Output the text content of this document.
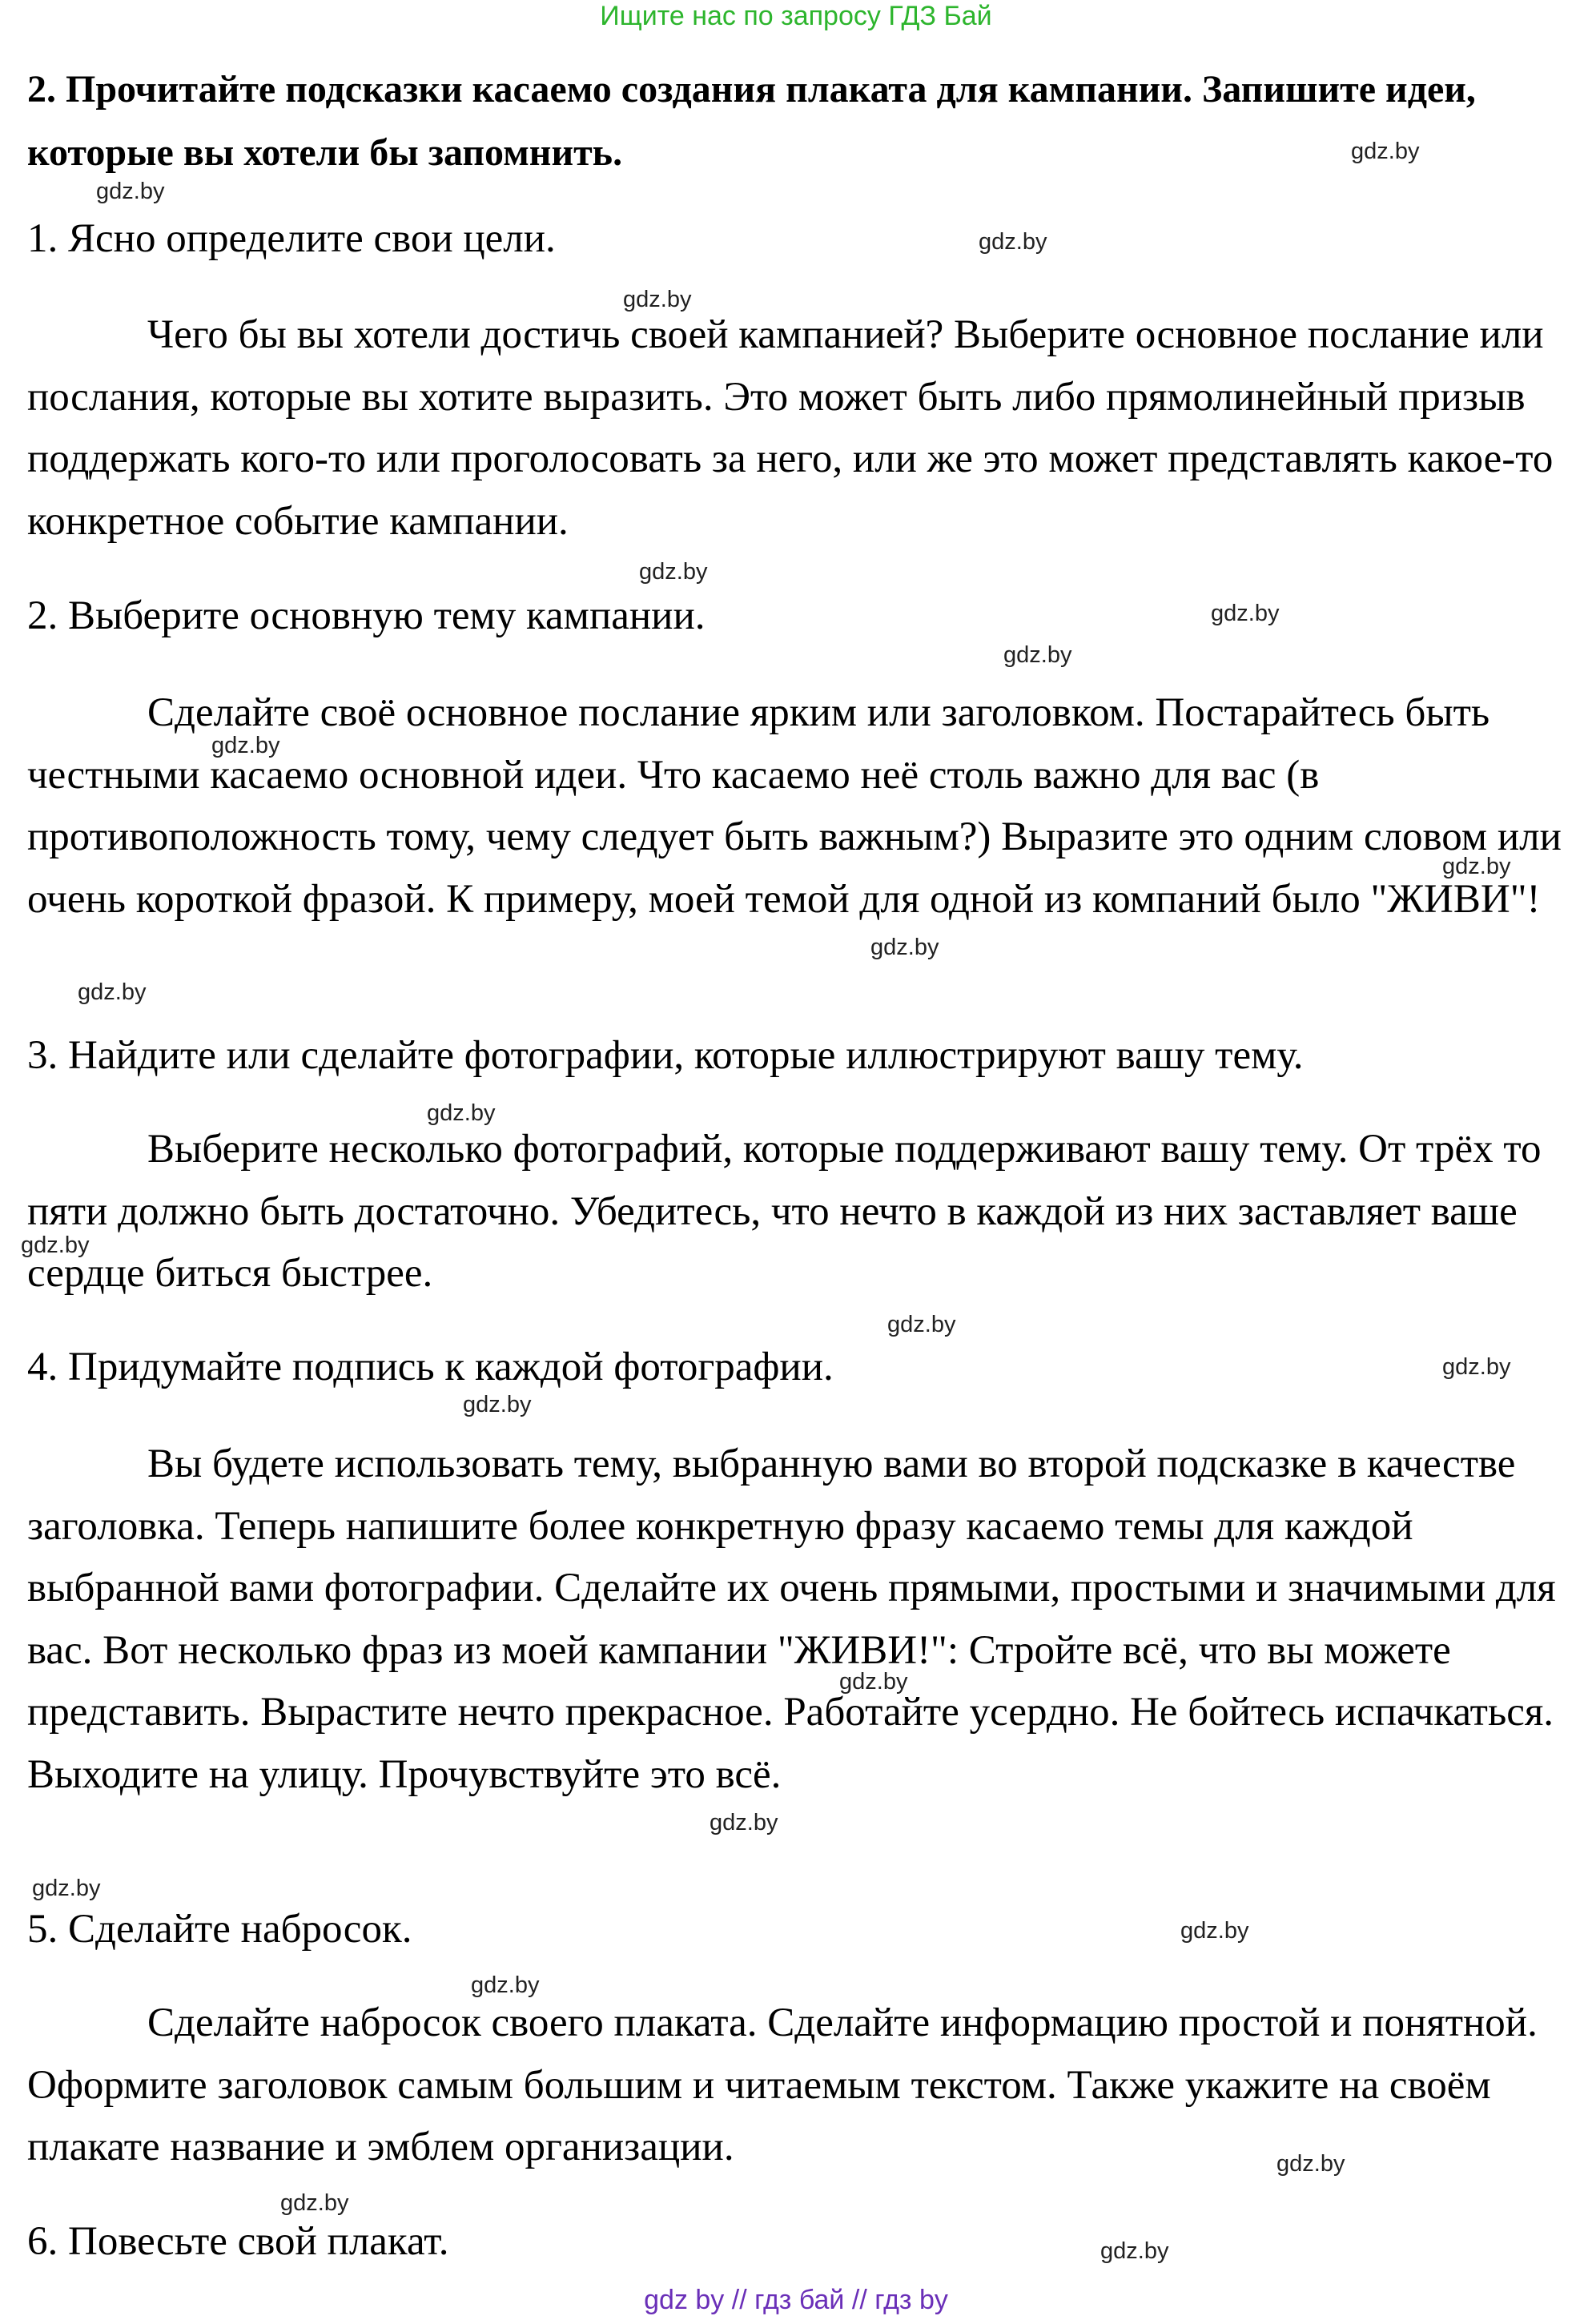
Ищите нас по запросу ГДЗ Бай
2. Прочитайте подсказки касаемо создания плаката для кампании. Запишите идеи, которые вы хотели бы запомнить.
1. Ясно определите свои цели.
Чего бы вы хотели достичь своей кампанией? Выберите основное послание или послания, которые вы хотите выразить. Это может быть либо прямолинейный призыв поддержать кого-то или проголосовать за него, или же это может представлять какое-то конкретное событие кампании.
2. Выберите основную тему кампании.
Сделайте своё основное послание ярким или заголовком. Постарайтесь быть честными касаемо основной идеи. Что касаемо неё столь важно для вас (в противоположность тому, чему следует быть важным?) Выразите это одним словом или очень короткой фразой. К примеру, моей темой для одной из компаний было "ЖИВИ"!
3. Найдите или сделайте фотографии, которые иллюстрируют вашу тему.
Выберите несколько фотографий, которые поддерживают вашу тему. От трёх то пяти должно быть достаточно. Убедитесь, что нечто в каждой из них заставляет ваше сердце биться быстрее.
4. Придумайте подпись к каждой фотографии.
Вы будете использовать тему, выбранную вами во второй подсказке в качестве заголовка. Теперь напишите более конкретную фразу касаемо темы для каждой выбранной вами фотографии. Сделайте их очень прямыми, простыми и значимыми для вас. Вот несколько фраз из моей кампании "ЖИВИ!": Стройте всё, что вы можете представить. Вырастите нечто прекрасное. Работайте усердно. Не бойтесь испачкаться. Выходите на улицу. Прочувствуйте это всё.
5. Сделайте набросок.
Сделайте набросок своего плаката. Сделайте информацию простой и понятной. Оформите заголовок самым большим и читаемым текстом. Также укажите на своём плакате название и эмблем организации.
6. Повесьте свой плакат.
gdz by // гдз бай // гдз by
gdz.by
gdz.by
gdz.by
gdz.by
gdz.by
gdz.by
gdz.by
gdz.by
gdz.by
gdz.by
gdz.by
gdz.by
gdz.by
gdz.by
gdz.by
gdz.by
gdz.by
gdz.by
gdz.by
gdz.by
gdz.by
gdz.by
gdz.by
gdz.by
